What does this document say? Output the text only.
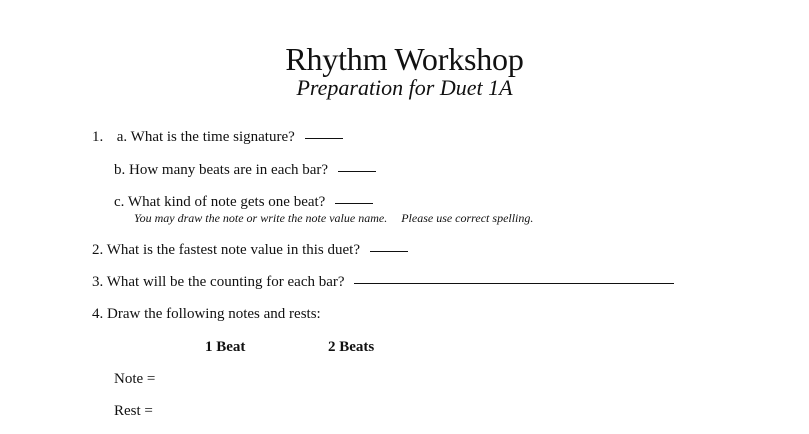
Rhythm Workshop
Preparation for Duet 1A
1. a. What is the time signature?
b. How many beats are in each bar?
c. What kind of note gets one beat?
You may draw the note or write the note value name. Please use correct spelling.
2. What is the fastest note value in this duet?
3. What will be the counting for each bar?
4. Draw the following notes and rests:
1 Beat	2 Beats
Note =
Rest =
